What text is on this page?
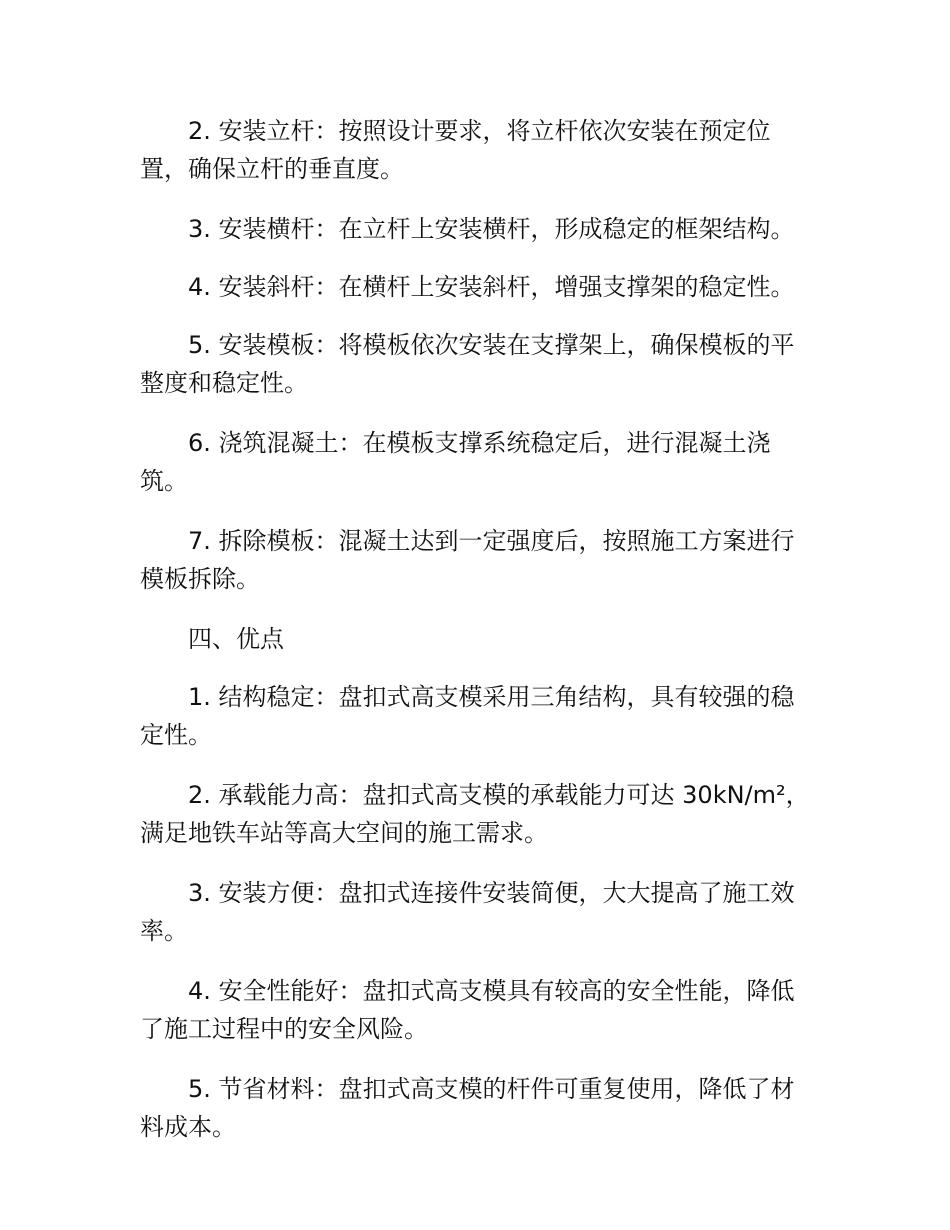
2. 安装立杆：按照设计要求，将立杆依次安装在预定位置，确保立杆的垂直度。

3. 安装横杆：在立杆上安装横杆，形成稳定的框架结构。

4. 安装斜杆：在横杆上安装斜杆，增强支撑架的稳定性。

5. 安装模板：将模板依次安装在支撑架上，确保模板的平整度和稳定性。

6. 浇筑混凝土：在模板支撑系统稳定后，进行混凝土浇筑。

7. 拆除模板：混凝土达到一定强度后，按照施工方案进行模板拆除。

四、优点

1. 结构稳定：盘扣式高支模采用三角结构，具有较强的稳定性。

2. 承载能力高：盘扣式高支模的承载能力可达 30kN/m²，满足地铁车站等高大空间的施工需求。

3. 安装方便：盘扣式连接件安装简便，大大提高了施工效率。

4. 安全性能好：盘扣式高支模具有较高的安全性能，降低了施工过程中的安全风险。

5. 节省材料：盘扣式高支模的杆件可重复使用，降低了材料成本。
